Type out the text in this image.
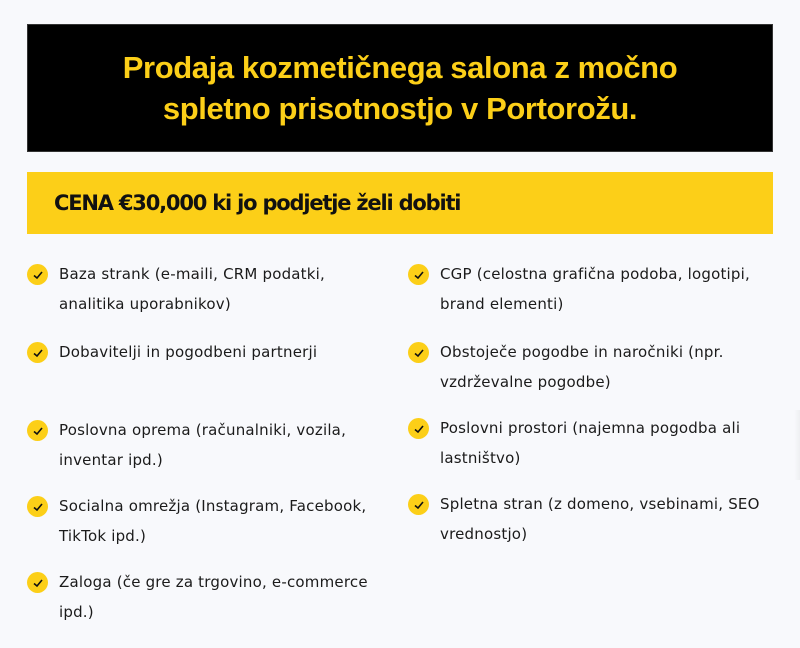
Prodaja kozmetičnega salona z močno
spletno prisotnostjo v Portorožu.
CENA €30,000 ki jo podjetje želi dobiti
Baza strank (e-maili, CRM podatki, analitika uporabnikov)
Dobavitelji in pogodbeni partnerji
Poslovna oprema (računalniki, vozila, inventar ipd.)
Socialna omrežja (Instagram, Facebook, TikTok ipd.)
Zaloga (če gre za trgovino, e-commerce ipd.)
CGP (celostna grafična podoba, logotipi, brand elementi)
Obstoječe pogodbe in naročniki (npr. vzdrževalne pogodbe)
Poslovni prostori (najemna pogodba ali lastništvo)
Spletna stran (z domeno, vsebinami, SEO vrednostjo)
